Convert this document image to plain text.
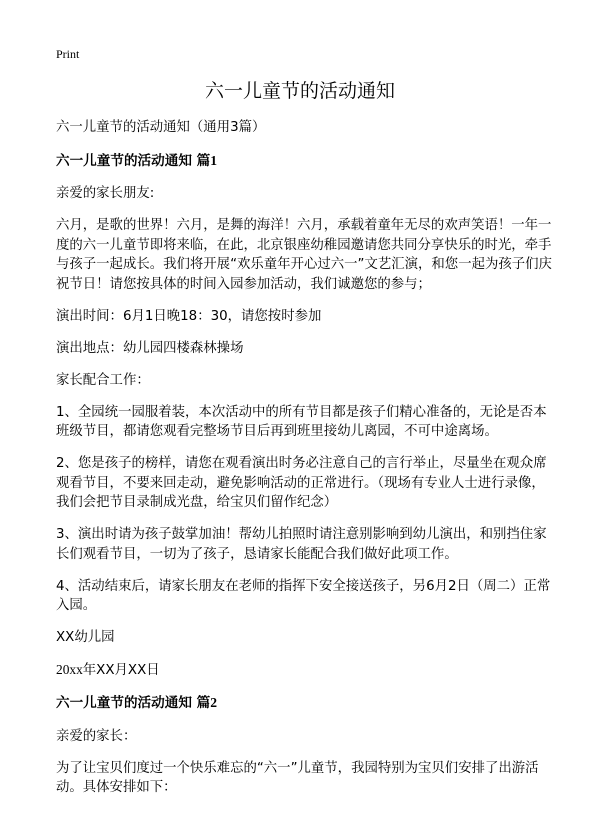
Print
六一儿童节的活动通知

六一儿童节的活动通知（通用3篇）

六一儿童节的活动通知 篇1

亲爱的家长朋友:

六月，是歌的世界！六月，是舞的海洋！六月，承载着童年无尽的欢声笑语！一年一度的六一儿童节即将来临，在此，北京银座幼稚园邀请您共同分享快乐的时光，牵手与孩子一起成长。我们将开展“欢乐童年开心过六一”文艺汇演，和您一起为孩子们庆祝节日！请您按具体的时间入园参加活动，我们诚邀您的参与；

演出时间：6月1日晚18：30，请您按时参加

演出地点：幼儿园四楼森林操场

家长配合工作：

1、全园统一园服着装，本次活动中的所有节目都是孩子们精心准备的，无论是否本班级节目，都请您观看完整场节目后再到班里接幼儿离园，不可中途离场。

2、您是孩子的榜样，请您在观看演出时务必注意自己的言行举止，尽量坐在观众席观看节目，不要来回走动，避免影响活动的正常进行。（现场有专业人士进行录像，我们会把节目录制成光盘，给宝贝们留作纪念）

3、演出时请为孩子鼓掌加油！帮幼儿拍照时请注意别影响到幼儿演出，和别挡住家长们观看节目，一切为了孩子，恳请家长能配合我们做好此项工作。

4、活动结束后，请家长朋友在老师的指挥下安全接送孩子，另6月2日（周二）正常入园。

XX幼儿园

20xx年XX月XX日

六一儿童节的活动通知 篇2

亲爱的家长：

为了让宝贝们度过一个快乐难忘的“六一”儿童节，我园特别为宝贝们安排了出游活动。具体安排如下：
